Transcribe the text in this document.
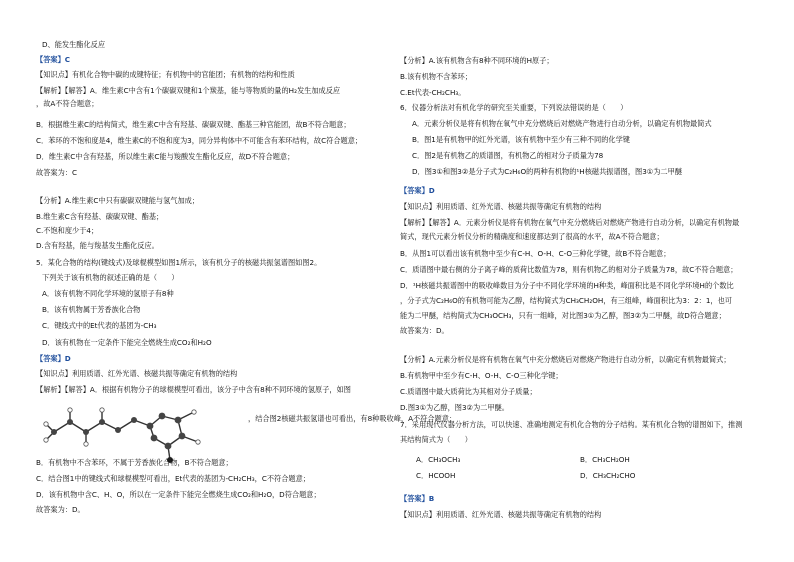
D、能发生酯化反应
【答案】C
【知识点】有机化合物中碳的成键特征；有机物中的官能团；有机物的结构和性质
【解析】【解答】A．维生素C中含有1个碳碳双键和1个羰基，能与等物质的量的H₂发生加成反应
，故A不符合题意；
B．根据维生素C的结构简式，维生素C中含有羟基、碳碳双键、酯基三种官能团，故B不符合题意；
C．苯环的不饱和度是4，维生素C的不饱和度为3，同分异构体中不可能含有苯环结构，故C符合题意；
D．维生素C中含有羟基，所以维生素C能与羧酸发生酯化反应，故D不符合题意；
故答案为：C
【分析】A.维生素C中只有碳碳双键能与氢气加成；
B.维生素C含有羟基、碳碳双键、酯基；
C.不饱和度少于4；
D.含有羟基，能与羧基发生酯化反应。
5．某化合物的结构(键线式)及球棍模型如图1所示，该有机分子的核磁共振氢谱图如图2。
下列关于该有机物的叙述正确的是（　　）
A．该有机物不同化学环境的氢原子有8种
B．该有机物属于芳香族化合物
C．键线式中的Et代表的基团为-CH₃
D．该有机物在一定条件下能完全燃烧生成CO₂和H₂O
【答案】D
【知识点】利用质谱、红外光谱、核磁共振等确定有机物的结构
【解析】【解答】A．根据有机物分子的球棍模型可看出，该分子中含有8种不同环境的氢原子，如图
，结合图2核磁共振氢谱也可看出，有8种吸收峰，A不符合题意；
B．有机物中不含苯环，不属于芳香族化合物，B不符合题意；
C．结合图1中的键线式和球棍模型可看出，Et代表的基团为-CH₂CH₃，C不符合题意；
D．该有机物中含C、H、O，所以在一定条件下能完全燃烧生成CO₂和H₂O，D符合题意；
故答案为：D。
【分析】A.该有机物含有8种不同环境的H原子；
B.该有机物不含苯环；
C.Et代表-CH₂CH₃。
6．仪器分析法对有机化学的研究至关重要，下列说法错误的是（　　）
A．元素分析仪是将有机物在氧气中充分燃烧后对燃烧产物进行自动分析，以确定有机物最简式
B．图1是有机物甲的红外光谱，该有机物中至少有三种不同的化学键
C．图2是有机物乙的质谱图，有机物乙的相对分子质量为78
D．图3①和图3②是分子式为C₂H₆O的两种有机物的¹H核磁共振谱图，图3①为二甲醚
【答案】D
【知识点】利用质谱、红外光谱、核磁共振等确定有机物的结构
【解析】【解答】A．元素分析仪是将有机物在氧气中充分燃烧后对燃烧产物进行自动分析，以确定有机物最
简式，现代元素分析仪分析的精确度和速度都达到了很高的水平，故A不符合题意；
B．从图1可以看出该有机物中至少有C-H、O-H、C-O三种化学键，故B不符合题意；
C．质谱图中最右侧的分子离子峰的质荷比数值为78，则有机物乙的相对分子质量为78，故C不符合题意；
D．¹H核磁共振谱图中的吸收峰数目为分子中不同化学环境的H种类，峰面积比是不同化学环境H的个数比
，分子式为C₂H₆O的有机物可能为乙醇，结构简式为CH₃CH₂OH，有三组峰，峰面积比为3：2：1，也可
能为二甲醚，结构简式为CH₃OCH₃，只有一组峰，对比图3①为乙醇，图3②为二甲醚，故D符合题意；
故答案为：D。
【分析】A.元素分析仪是将有机物在氧气中充分燃烧后对燃烧产物进行自动分析，以确定有机物最简式；
B.有机物甲中至少有C-H、O-H、C-O三种化学键；
C.质谱图中最大质荷比为其相对分子质量；
D.图3①为乙醇，图3②为二甲醚。
7．采用现代仪器分析方法，可以快速、准确地测定有机化合物的分子结构。某有机化合物的谱图如下，推测
其结构简式为（　　）
A．CH₃OCH₃	B．CH₃CH₂OH
C．HCOOH	D．CH₃CH₂CHO
【答案】B
【知识点】利用质谱、红外光谱、核磁共振等确定有机物的结构
